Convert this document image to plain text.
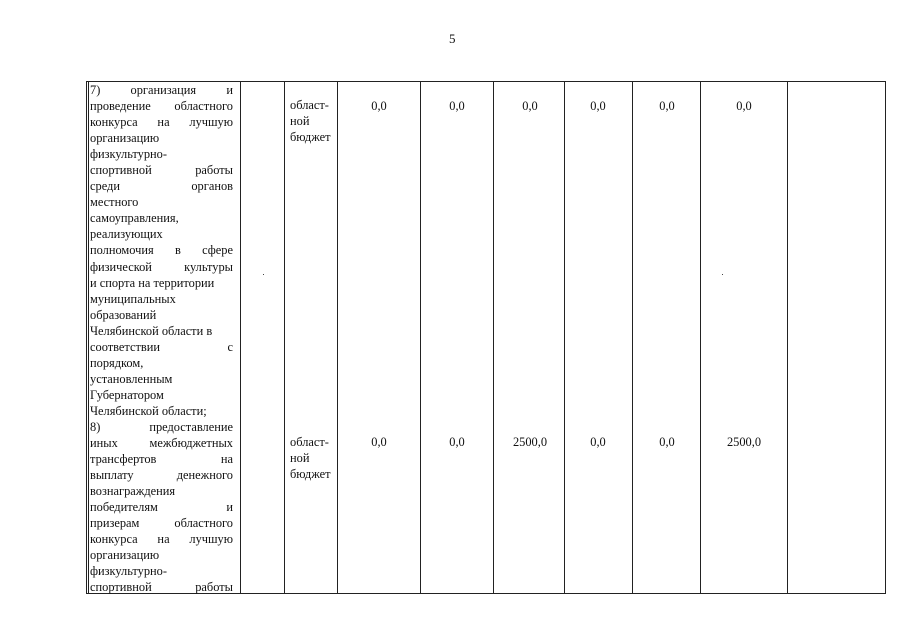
5
7) организация и
проведение областного
конкурса на лучшую
организацию
физкультурно-
спортивной работы
среди органов
местного
самоуправления,
реализующих
полномочия в сфере
физической культуры
и спорта на территории
муниципальных
образований
Челябинской области в
соответствии с
порядком,
установленным
Губернатором
Челябинской области;
област-
ной
бюджет
0,0	0,0	0,0	0,0	0,0	0,0
8) предоставление
иных межбюджетных
трансфертов на
выплату денежного
вознаграждения
победителям и
призерам областного
конкурса на лучшую
организацию
физкультурно-
спортивной работы
област-
ной
бюджет
0,0	0,0	2500,0	0,0	0,0	2500,0
